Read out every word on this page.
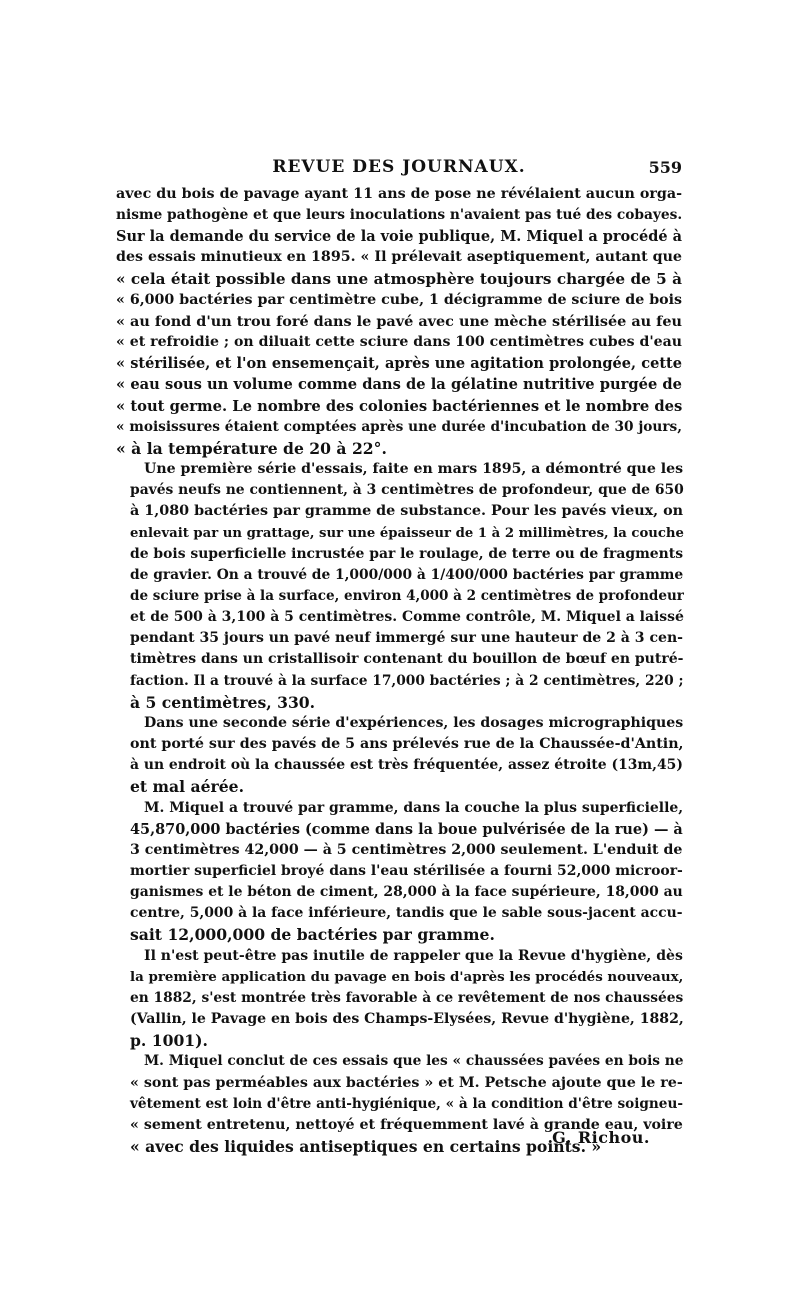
REVUE DES JOURNAUX.	559
avec du bois de pavage ayant 11 ans de pose ne révélaient aucun orga-
nisme pathogène et que leurs inoculations n'avaient pas tué des cobayes.
Sur la demande du service de la voie publique, M. Miquel a procédé à
des essais minutieux en 1895. « Il prélevait aseptiquement, autant que
« cela était possible dans une atmosphère toujours chargée de 5 à
« 6,000 bactéries par centimètre cube, 1 décigramme de sciure de bois
« au fond d'un trou foré dans le pavé avec une mèche stérilisée au feu
« et refroidie ; on diluait cette sciure dans 100 centimètres cubes d'eau
« stérilisée, et l'on ensemençait, après une agitation prolongée, cette
« eau sous un volume comme dans de la gélatine nutritive purgée de
« tout germe. Le nombre des colonies bactériennes et le nombre des
« moisissures étaient comptées après une durée d'incubation de 30 jours,
« à la température de 20 à 22°.
Une première série d'essais, faite en mars 1895, a démontré que les
pavés neufs ne contiennent, à 3 centimètres de profondeur, que de 650
à 1,080 bactéries par gramme de substance. Pour les pavés vieux, on
enlevait par un grattage, sur une épaisseur de 1 à 2 millimètres, la couche
de bois superficielle incrustée par le roulage, de terre ou de fragments
de gravier. On a trouvé de 1,000/000 à 1/400/000 bactéries par gramme
de sciure prise à la surface, environ 4,000 à 2 centimètres de profondeur
et de 500 à 3,100 à 5 centimètres. Comme contrôle, M. Miquel a laissé
pendant 35 jours un pavé neuf immergé sur une hauteur de 2 à 3 cen-
timètres dans un cristallisoir contenant du bouillon de bœuf en putré-
faction. Il a trouvé à la surface 17,000 bactéries ; à 2 centimètres, 220 ;
à 5 centimètres, 330.
Dans une seconde série d'expériences, les dosages micrographiques
ont porté sur des pavés de 5 ans prélevés rue de la Chaussée-d'Antin,
à un endroit où la chaussée est très fréquentée, assez étroite (13m,45)
et mal aérée.
M. Miquel a trouvé par gramme, dans la couche la plus superficielle,
45,870,000 bactéries (comme dans la boue pulvérisée de la rue) — à
3 centimètres 42,000 — à 5 centimètres 2,000 seulement. L'enduit de
mortier superficiel broyé dans l'eau stérilisée a fourni 52,000 microor-
ganismes et le béton de ciment, 28,000 à la face supérieure, 18,000 au
centre, 5,000 à la face inférieure, tandis que le sable sous-jacent accu-
sait 12,000,000 de bactéries par gramme.
Il n'est peut-être pas inutile de rappeler que la Revue d'hygiène, dès
la première application du pavage en bois d'après les procédés nouveaux,
en 1882, s'est montrée très favorable à ce revêtement de nos chaussées
(Vallin, le Pavage en bois des Champs-Elysées, Revue d'hygiène, 1882,
p. 1001).
M. Miquel conclut de ces essais que les « chaussées pavées en bois ne
« sont pas perméables aux bactéries » et M. Petsche ajoute que le re-
vêtement est loin d'être anti-hygiénique, « à la condition d'être soigneu-
« sement entretenu, nettoyé et fréquemment lavé à grande eau, voire
« avec des liquides antiseptiques en certains points. »
G. Richou.
